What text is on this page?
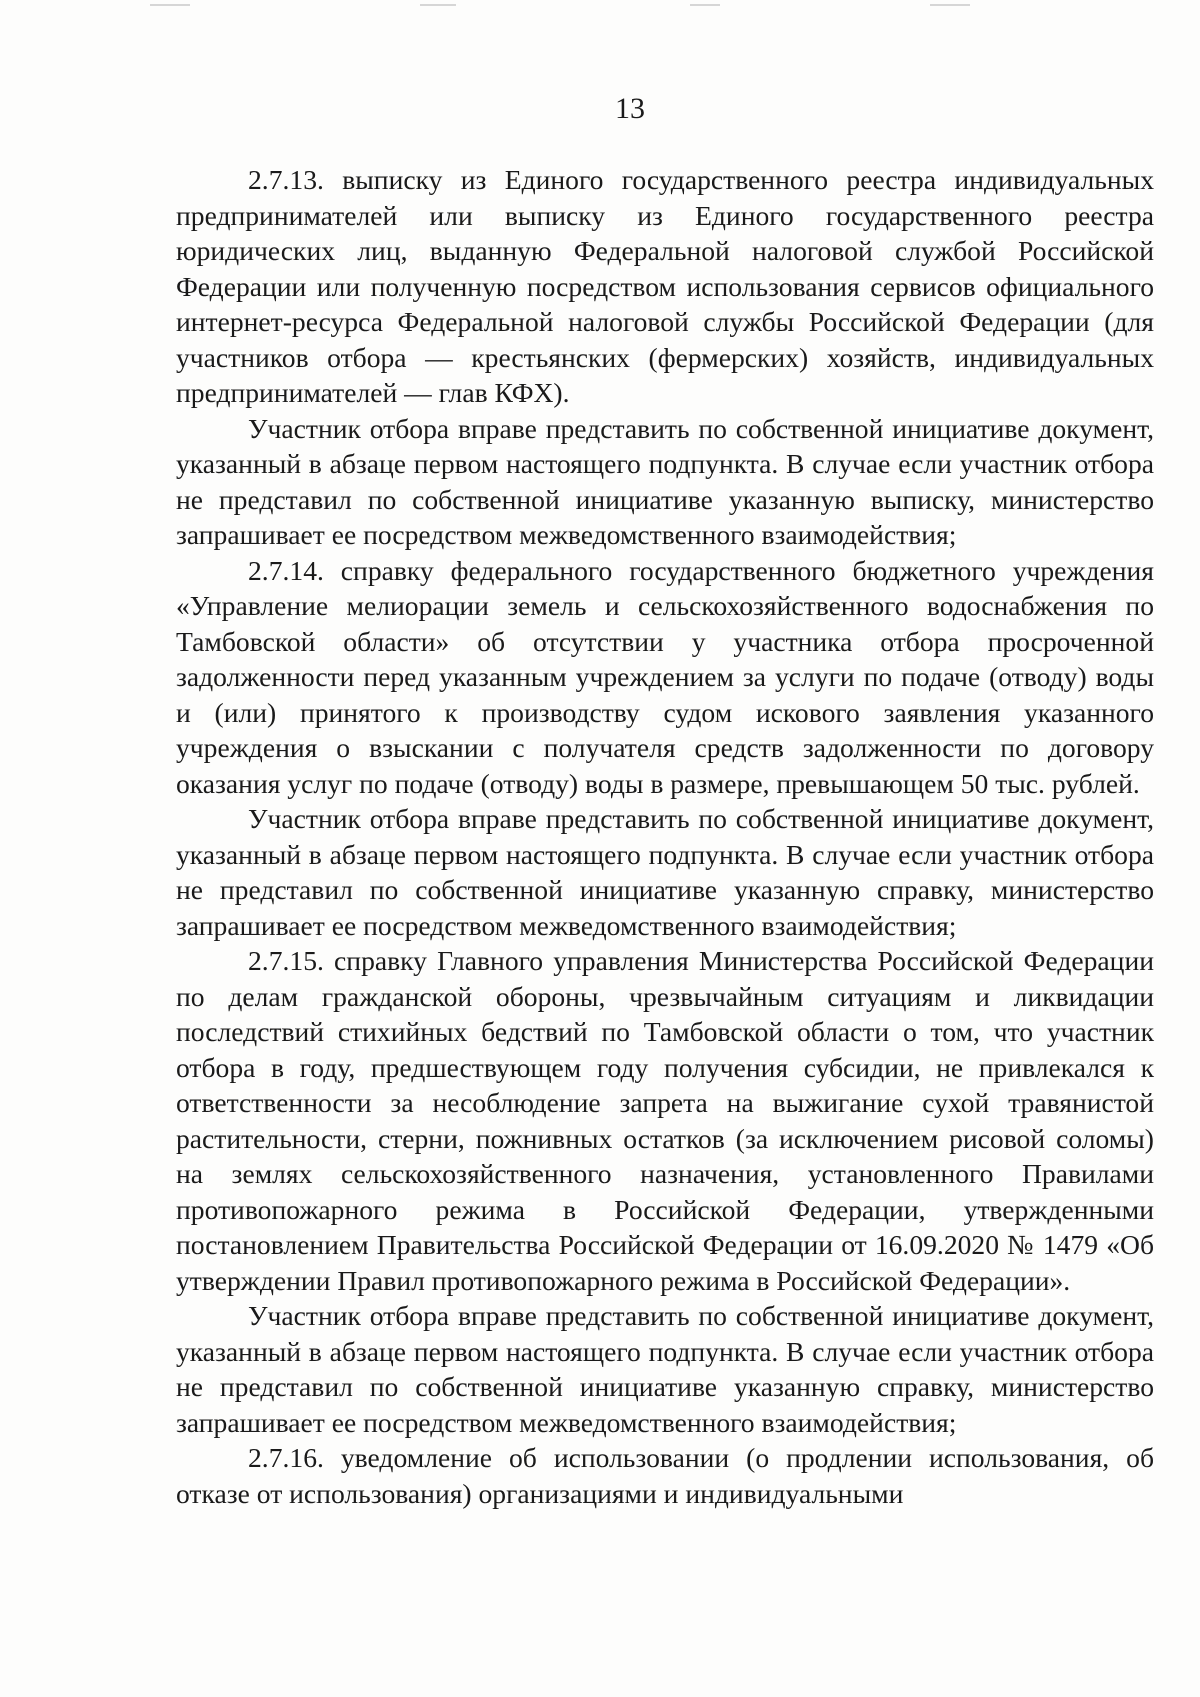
13

2.7.13. выписку из Единого государственного реестра индивидуальных предпринимателей или выписку из Единого государственного реестра юридических лиц, выданную Федеральной налоговой службой Российской Федерации или полученную посредством использования сервисов официального интернет-ресурса Федеральной налоговой службы Российской Федерации (для участников отбора — крестьянских (фермерских) хозяйств, индивидуальных предпринимателей — глав КФХ).

Участник отбора вправе представить по собственной инициативе документ, указанный в абзаце первом настоящего подпункта. В случае если участник отбора не представил по собственной инициативе указанную выписку, министерство запрашивает ее посредством межведомственного взаимодействия;

2.7.14. справку федерального государственного бюджетного учреждения «Управление мелиорации земель и сельскохозяйственного водоснабжения по Тамбовской области» об отсутствии у участника отбора просроченной задолженности перед указанным учреждением за услуги по подаче (отводу) воды и (или) принятого к производству судом искового заявления указанного учреждения о взыскании с получателя средств задолженности по договору оказания услуг по подаче (отводу) воды в размере, превышающем 50 тыс. рублей.

Участник отбора вправе представить по собственной инициативе документ, указанный в абзаце первом настоящего подпункта. В случае если участник отбора не представил по собственной инициативе указанную справку, министерство запрашивает ее посредством межведомственного взаимодействия;

2.7.15. справку Главного управления Министерства Российской Федерации по делам гражданской обороны, чрезвычайным ситуациям и ликвидации последствий стихийных бедствий по Тамбовской области о том, что участник отбора в году, предшествующем году получения субсидии, не привлекался к ответственности за несоблюдение запрета на выжигание сухой травянистой растительности, стерни, пожнивных остатков (за исключением рисовой соломы) на землях сельскохозяйственного назначения, установленного Правилами противопожарного режима в Российской Федерации, утвержденными постановлением Правительства Российской Федерации от 16.09.2020 № 1479 «Об утверждении Правил противопожарного режима в Российской Федерации».

Участник отбора вправе представить по собственной инициативе документ, указанный в абзаце первом настоящего подпункта. В случае если участник отбора не представил по собственной инициативе указанную справку, министерство запрашивает ее посредством межведомственного взаимодействия;

2.7.16. уведомление об использовании (о продлении использования, об отказе от использования) организациями и индивидуальными
